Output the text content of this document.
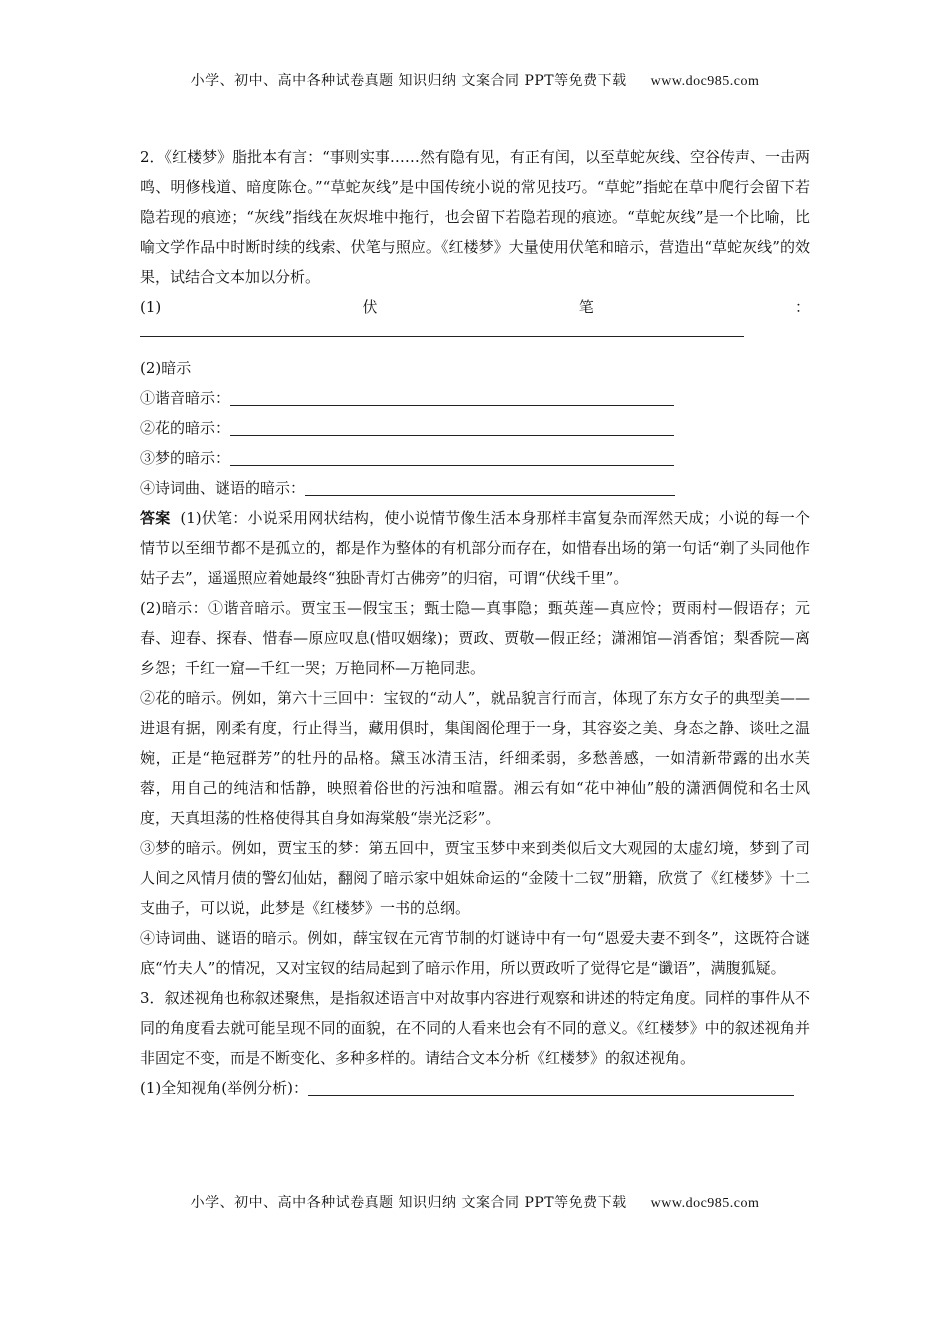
小学、初中、高中各种试卷真题 知识归纳 文案合同 PPT等免费下载 www.doc985.com

2．《红楼梦》脂批本有言：“事则实事……然有隐有见，有正有闰，以至草蛇灰线、空谷传声、一击两鸣、明修栈道、暗度陈仓。”“草蛇灰线”是中国传统小说的常见技巧。“草蛇”指蛇在草中爬行会留下若隐若现的痕迹；“灰线”指线在灰烬堆中拖行，也会留下若隐若现的痕迹。“草蛇灰线”是一个比喻，比喻文学作品中时断时续的线索、伏笔与照应。《红楼梦》大量使用伏笔和暗示，营造出“草蛇灰线”的效果，试结合文本加以分析。

(1)	伏	笔	：

(2)暗示

①谐音暗示：
②花的暗示：
③梦的暗示：
④诗词曲、谜语的暗示：

答案 (1)伏笔：小说采用网状结构，使小说情节像生活本身那样丰富复杂而浑然天成；小说的每一个情节以至细节都不是孤立的，都是作为整体的有机部分而存在，如惜春出场的第一句话“剃了头同他作姑子去”，遥遥照应着她最终“独卧青灯古佛旁”的归宿，可谓“伏线千里”。

(2)暗示：①谐音暗示。贾宝玉—假宝玉；甄士隐—真事隐；甄英莲—真应怜；贾雨村—假语存；元春、迎春、探春、惜春—原应叹息(惜叹姻缘)；贾政、贾敬—假正经；潇湘馆—消香馆；梨香院—离乡怨；千红一窟—千红一哭；万艳同杯—万艳同悲。

②花的暗示。例如，第六十三回中：宝钗的“动人”，就品貌言行而言，体现了东方女子的典型美——进退有据，刚柔有度，行止得当，藏用俱时，集闺阁伦理于一身，其容姿之美、身态之静、谈吐之温婉，正是“艳冠群芳”的牡丹的品格。黛玉冰清玉洁，纤细柔弱，多愁善感，一如清新带露的出水芙蓉，用自己的纯洁和恬静，映照着俗世的污浊和喧嚣。湘云有如“花中神仙”般的潇洒倜傥和名士风度，天真坦荡的性格使得其自身如海棠般“崇光泛彩”。

③梦的暗示。例如，贾宝玉的梦：第五回中，贾宝玉梦中来到类似后文大观园的太虚幻境，梦到了司人间之风情月债的警幻仙姑，翻阅了暗示家中姐妹命运的“金陵十二钗”册籍，欣赏了《红楼梦》十二支曲子，可以说，此梦是《红楼梦》一书的总纲。

④诗词曲、谜语的暗示。例如，薛宝钗在元宵节制的灯谜诗中有一句“恩爱夫妻不到冬”，这既符合谜底“竹夫人”的情况，又对宝钗的结局起到了暗示作用，所以贾政听了觉得它是“谶语”，满腹狐疑。

3．叙述视角也称叙述聚焦，是指叙述语言中对故事内容进行观察和讲述的特定角度。同样的事件从不同的角度看去就可能呈现不同的面貌，在不同的人看来也会有不同的意义。《红楼梦》中的叙述视角并非固定不变，而是不断变化、多种多样的。请结合文本分析《红楼梦》的叙述视角。

(1)全知视角(举例分析)：
小学、初中、高中各种试卷真题 知识归纳 文案合同 PPT等免费下载 www.doc985.com
